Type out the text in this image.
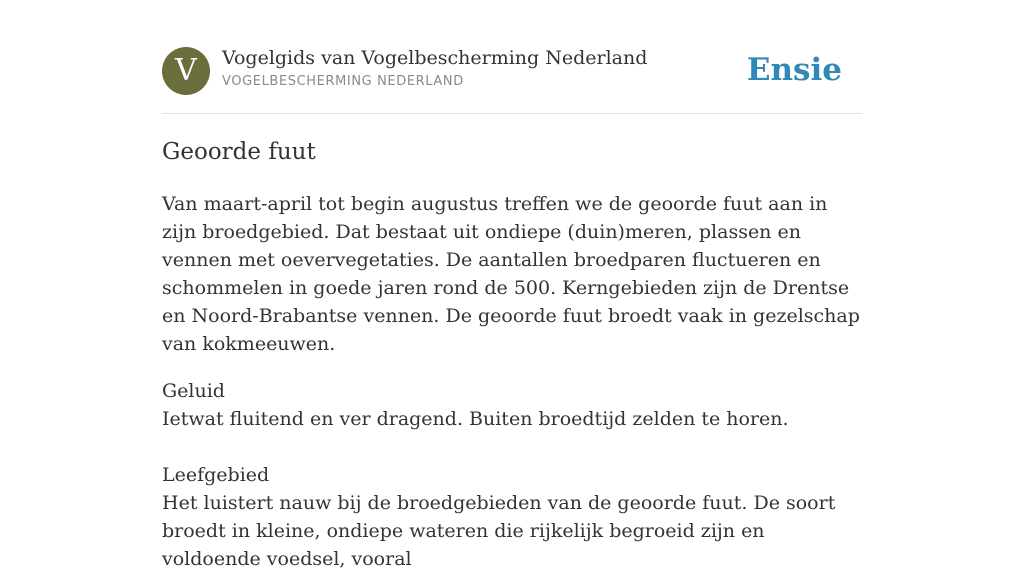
V	Vogelgids van Vogelbescherming Nederland
VOGELBESCHERMING NEDERLAND	Ensie
Geoorde fuut

Van maart-april tot begin augustus treffen we de geoorde fuut aan in zijn broedgebied. Dat bestaat uit ondiepe (duin)meren, plassen en vennen met oevervegetaties. De aantallen broedparen fluctueren en schommelen in goede jaren rond de 500. Kerngebieden zijn de Drentse en Noord-Brabantse vennen. De geoorde fuut broedt vaak in gezelschap van kokmeeuwen.

Geluid

Ietwat fluitend en ver dragend. Buiten broedtijd zelden te horen.

Leefgebied

Het luistert nauw bij de broedgebieden van de geoorde fuut. De soort broedt in kleine, ondiepe wateren die rijkelijk begroeid zijn en voldoende voedsel, vooral
